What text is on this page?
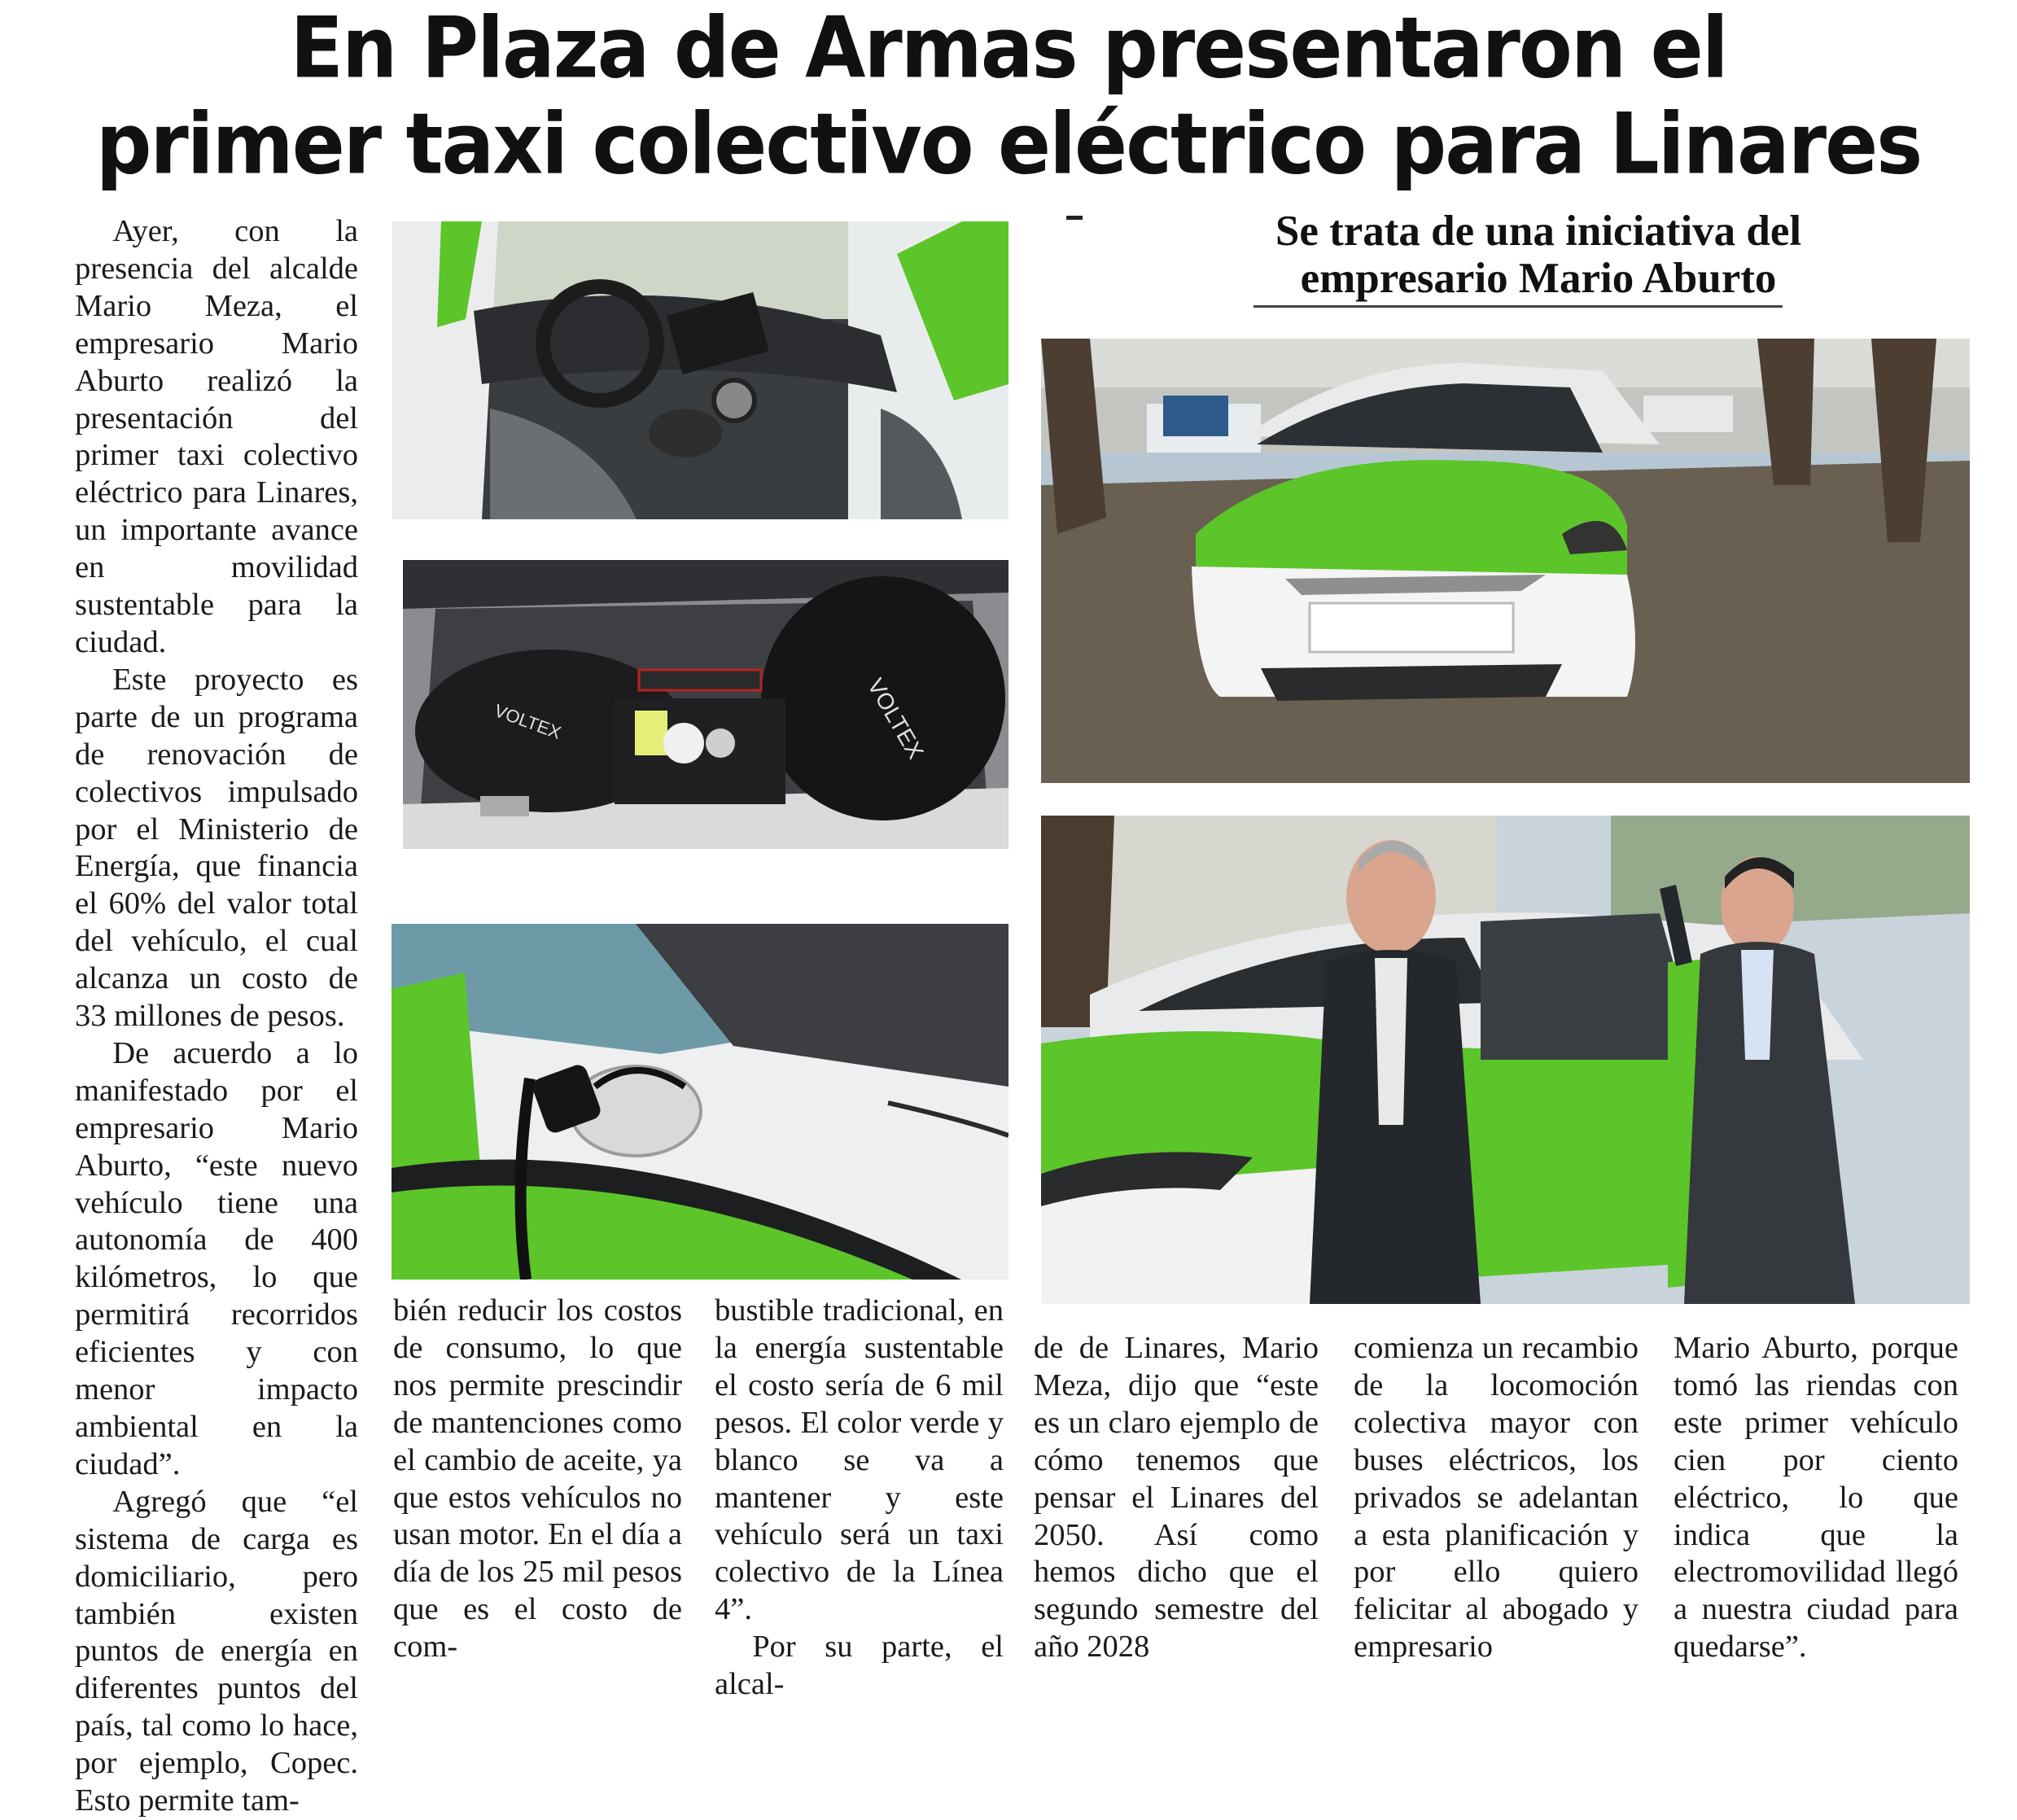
En Plaza de Armas presentaron el
primer taxi colectivo eléctrico para Linares

Ayer, con la presencia del alcalde Mario Meza, el empresario Mario Aburto realizó la presentación del primer taxi colectivo eléctrico para Linares, un importante avance en movilidad sustentable para la ciudad.

Este proyecto es parte de un programa de renovación de colectivos impulsado por el Ministerio de Energía, que financia el 60% del valor total del vehículo, el cual alcanza un costo de 33 millones de pesos.

De acuerdo a lo manifestado por el empresario Mario Aburto, “este nuevo vehículo tiene una autonomía de 400 kilómetros, lo que permitirá recorridos eficientes y con menor impacto ambiental en la ciudad”.

Agregó que “el sistema de carga es domiciliario, pero también existen puntos de energía en diferentes puntos del país, tal como lo hace, por ejemplo, Copec. Esto permite tam-

bién reducir los costos de consumo, lo que nos permite prescindir de mantenciones como el cambio de aceite, ya que estos vehículos no usan motor. En el día a día de los 25 mil pesos que es el costo de com-

bustible tradicional, en la energía sustentable el costo sería de 6 mil pesos. El color verde y blanco se va a mantener y este vehículo será un taxi colectivo de la Línea 4”.

Por su parte, el alcal-

de de Linares, Mario Meza, dijo que “este es un claro ejemplo de cómo tenemos que pensar el Linares del 2050. Así como hemos dicho que el segundo semestre del año 2028

comienza un recambio de la locomoción colectiva mayor con buses eléctricos, los privados se adelantan a esta planificación y por ello quiero felicitar al abogado y empresario

Mario Aburto, porque tomó las riendas con este primer vehículo cien por ciento eléctrico, lo que indica que la electromovilidad llegó a nuestra ciudad para quedarse”.

Se trata de una iniciativa del
empresario Mario Aburto
VOLTEX	VOLTEX
